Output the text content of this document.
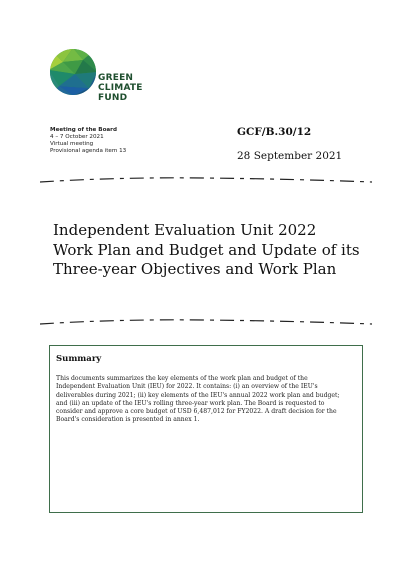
GREEN
CLIMATE
FUND
Meeting of the Board
4 – 7 October 2021
Virtual meeting
Provisional agenda item 13
GCF/B.30/12
28 September 2021
Independent Evaluation Unit 2022
Work Plan and Budget and Update of its
Three-year Objectives and Work Plan
Summary
This documents summarizes the key elements of the work plan and budget of the
Independent Evaluation Unit (IEU) for 2022. It contains: (i) an overview of the IEU's
deliverables during 2021; (ii) key elements of the IEU's annual 2022 work plan and budget;
and (iii) an update of the IEU's rolling three-year work plan. The Board is requested to
consider and approve a core budget of USD 6,487,012 for FY2022. A draft decision for the
Board's consideration is presented in annex 1.
